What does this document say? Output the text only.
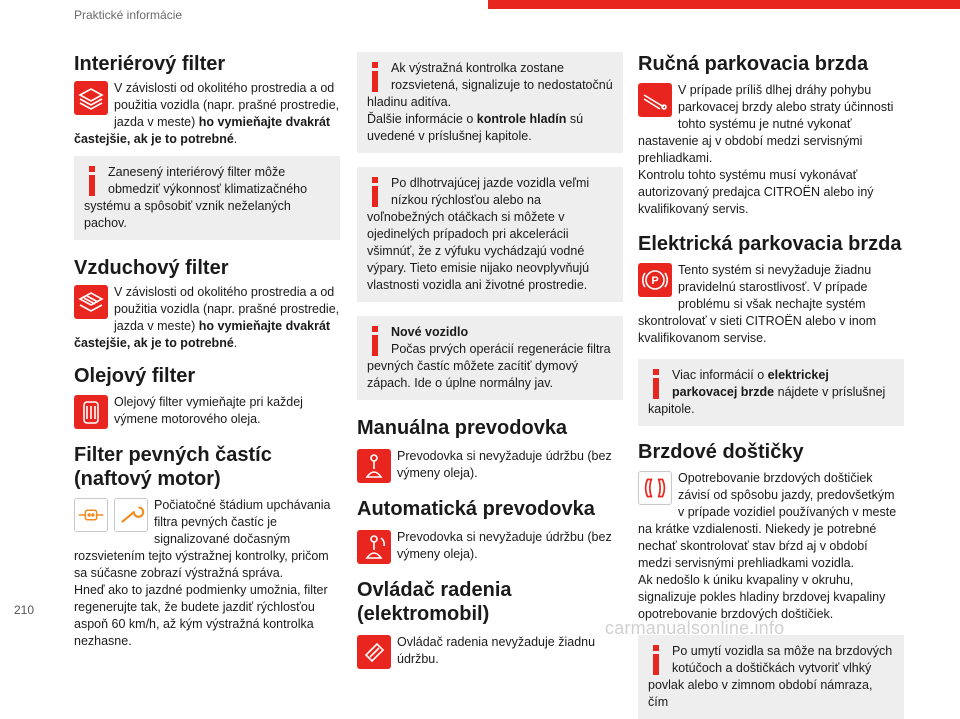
Praktické informácie
Interiérový filter
V závislosti od okolitého prostredia a od použitia vozidla (napr. prašné prostredie, jazda v meste) ho vymieňajte dvakrát častejšie, ak je to potrebné.
Zanesený interiérový filter môže obmedziť výkonnosť klimatizačného systému a spôsobiť vznik neželaných pachov.
Vzduchový filter
V závislosti od okolitého prostredia a od použitia vozidla (napr. prašné prostredie, jazda v meste) ho vymieňajte dvakrát častejšie, ak je to potrebné.
Olejový filter
Olejový filter vymieňajte pri každej výmene motorového oleja.
Filter pevných častíc
(naftový motor)
Počiatočné štádium upchávania filtra pevných častíc je signalizované dočasným rozsvietením tejto výstražnej kontrolky, pričom sa súčasne zobrazí výstražná správa.
Hneď ako to jazdné podmienky umožnia, filter regenerujte tak, že budete jazdiť rýchlosťou aspoň 60 km/h, až kým výstražná kontrolka nezhasne.
Ak výstražná kontrolka zostane rozsvietená, signalizuje to nedostatočnú hladinu aditíva.
Ďalšie informácie o kontrole hladín sú uvedené v príslušnej kapitole.
Po dlhotrvajúcej jazde vozidla veľmi nízkou rýchlosťou alebo na voľnobežných otáčkach si môžete v ojedinelých prípadoch pri akcelerácii všimnúť, že z výfuku vychádzajú vodné výpary. Tieto emisie nijako neovplyvňujú vlastnosti vozidla ani životné prostredie.
Nové vozidlo
Počas prvých operácií regenerácie filtra pevných častíc môžete zacítiť dymový zápach. Ide o úplne normálny jav.
Manuálna prevodovka
Prevodovka si nevyžaduje údržbu (bez výmeny oleja).
Automatická prevodovka
Prevodovka si nevyžaduje údržbu (bez výmeny oleja).
Ovládač radenia
(elektromobil)
Ovládač radenia nevyžaduje žiadnu údržbu.
Ručná parkovacia brzda
V prípade príliš dlhej dráhy pohybu parkovacej brzdy alebo straty účinnosti tohto systému je nutné vykonať nastavenie aj v období medzi servisnými prehliadkami.
Kontrolu tohto systému musí vykonávať autorizovaný predajca CITROËN alebo iný kvalifikovaný servis.
Elektrická parkovacia brzda
P
Tento systém si nevyžaduje žiadnu pravidelnú starostlivosť. V prípade problému si však nechajte systém skontrolovať v sieti CITROËN alebo v inom kvalifikovanom servise.
Viac informácií o elektrickej parkovacej brzde nájdete v príslušnej kapitole.
Brzdové doštičky
Opotrebovanie brzdových doštičiek závisí od spôsobu jazdy, predovšetkým v prípade vozidiel používaných v meste na krátke vzdialenosti. Niekedy je potrebné nechať skontrolovať stav bŕzd aj v období medzi servisnými prehliadkami vozidla.
Ak nedošlo k úniku kvapaliny v okruhu, signalizuje pokles hladiny brzdovej kvapaliny opotrebovanie brzdových doštičiek.
Po umytí vozidla sa môže na brzdových kotúčoch a doštičkách vytvoriť vlhký povlak alebo v zimnom období námraza, čím
210
carmanualsonline.info
